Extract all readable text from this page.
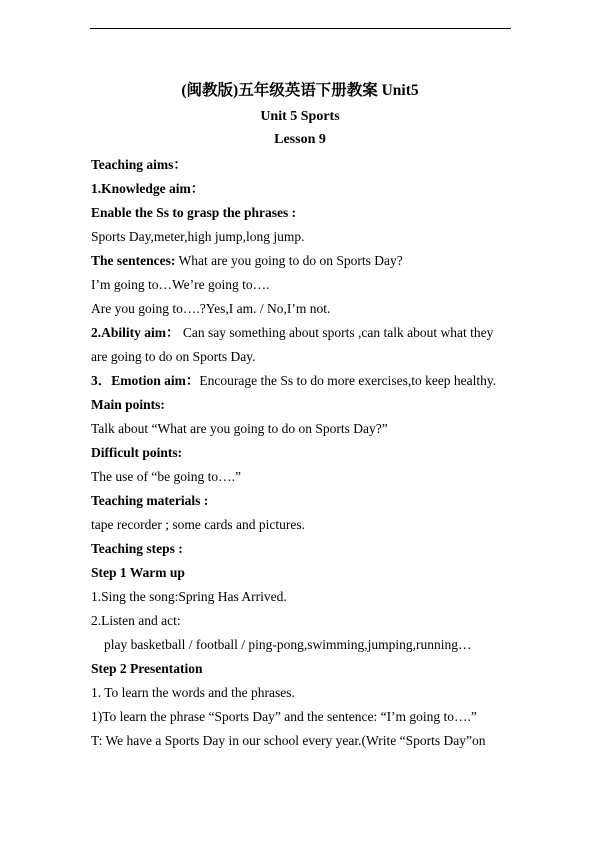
(闽教版)五年级英语下册教案 Unit5
Unit 5 Sports
Lesson 9
Teaching aims：
1.Knowledge aim：
Enable the Ss to grasp the phrases :
Sports Day,meter,high jump,long jump.
The sentences: What are you going to do on Sports Day?
I’m going to…We’re going to….
Are you going to….?Yes,I am. / No,I’m not.
2.Ability aim： Can say something about sports ,can talk about what they
are going to do on Sports Day.
3．Emotion aim：Encourage the Ss to do more exercises,to keep healthy.
Main points:
Talk about “What are you going to do on Sports Day?”
Difficult points:
The use of “be going to….”
Teaching materials :
tape recorder ; some cards and pictures.
Teaching steps :
Step 1 Warm up
1.Sing the song:Spring Has Arrived.
2.Listen and act:
play basketball / football / ping-pong,swimming,jumping,running…
Step 2 Presentation
1. To learn the words and the phrases.
1)To learn the phrase “Sports Day” and the sentence: “I’m going to….”
T: We have a Sports Day in our school every year.(Write “Sports Day”on
